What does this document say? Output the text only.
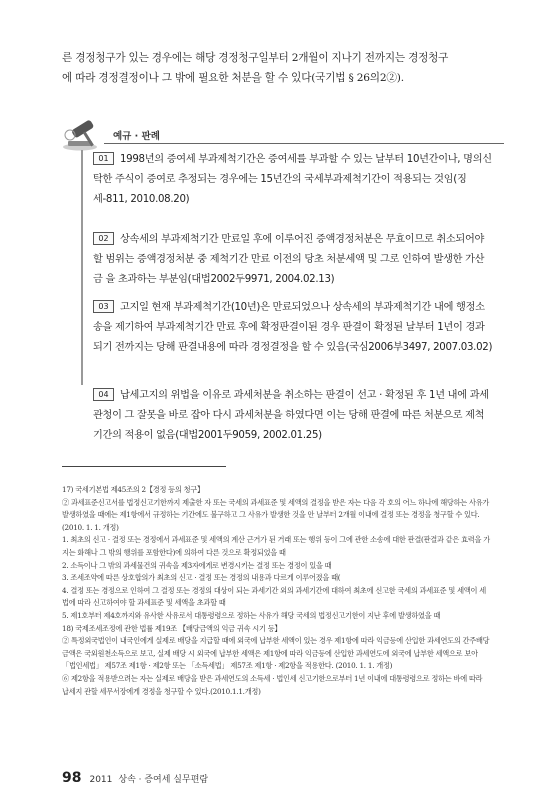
른 경정청구가 있는 경우에는 해당 경정청구일부터 2개월이 지나기 전까지는 경정청구
에 따라 경정결정이나 그 밖에 필요한 처분을 할 수 있다(국기법 § 26의2②).
예규 · 판례
01 1998년의 증여세 부과제척기간은 증여세를 부과할 수 있는 날부터 10년간이나, 명의신탁한 주식이 증여로 추정되는 경우에는 15년간의 국세부과제척기간이 적용되는 것임(징세-811, 2010.08.20)
02 상속세의 부과제척기간 만료일 후에 이루어진 증액경정처분은 무효이므로 취소되어야 할 범위는 증액경정처분 중 제척기간 만료 이전의 당초 처분세액 및 그로 인하여 발생한 가산금 을 초과하는 부분임(대법2002두9971, 2004.02.13)
03 고지일 현재 부과제척기간(10년)은 만료되었으나 상속세의 부과제척기간 내에 행정소송을 제기하여 부과제척기간 만료 후에 확정판결이된 경우 판결이 확정된 날부터 1년이 경과되기 전까지는 당해 판결내용에 따라 경정결정을 할 수 있음(국심2006부3497, 2007.03.02)
04 납세고지의 위법을 이유로 과세처분을 취소하는 판결이 선고 · 확정된 후 1년 내에 과세관청이 그 잘못을 바로 잡아 다시 과세처분을 하였다면 이는 당해 판결에 따른 처분으로 제척기간의 적용이 없음(대법2001두9059, 2002.01.25)

17) 국세기본법 제45조의 2【경정 등의 청구】

② 과세표준신고서를 법정신고기한까지 제출한 자 또는 국세의 과세표준 및 세액의 결정을 받은 자는 다음 각 호의 어느 하나에 해당하는 사유가 발생하였을 때에는 제1항에서 규정하는 기간에도 불구하고 그 사유가 발생한 것을 안 날부터 2개월 이내에 결정 또는 경정을 청구할 수 있다. (2010. 1. 1. 개정)

1. 최초의 신고 · 결정 또는 경정에서 과세표준 및 세액의 계산 근거가 된 거래 또는 행위 등이 그에 관한 소송에 대한 판결(판결과 같은 효력을 가지는 화해나 그 밖의 행위를 포함한다)에 의하여 다른 것으로 확정되었을 때

2. 소득이나 그 밖의 과세물건의 귀속을 제3자에게로 변경시키는 결정 또는 경정이 있을 때

3. 조세조약에 따른 상호합의가 최초의 신고 · 결정 또는 경정의 내용과 다르게 이루어졌을 때(

4. 결정 또는 경정으로 인하여 그 결정 또는 경정의 대상이 되는 과세기간 외의 과세기간에 대하여 최초에 신고한 국세의 과세표준 및 세액이 세법에 따라 신고하여야 할 과세표준 및 세액을 초과할 때

5. 제1호부터 제4호까지와 유사한 사유로서 대통령령으로 정하는 사유가 해당 국세의 법정신고기한이 지난 후에 발생하였을 때

18) 국제조세조정에 관한 법률 제19조 【배당금액의 익금 귀속 시기 등】

② 특정외국법인이 내국인에게 실제로 배당을 지급할 때에 외국에 납부한 세액이 있는 경우 제1항에 따라 익금등에 산입한 과세연도의 간주배당금액은 국외원천소득으로 보고, 실제 배당 시 외국에 납부한 세액은 제1항에 따라 익금등에 산입한 과세연도에 외국에 납부한 세액으로 보아 「법인세법」 제57조 제1항 · 제2항 또는 「소득세법」 제57조 제1항 · 제2항을 적용한다. (2010. 1. 1. 개정)

⑥ 제2항을 적용받으려는 자는 실제로 배당을 받은 과세연도의 소득세 · 법인세 신고기한으로부터 1년 이내에 대통령령으로 정하는 바에 따라 납세지 관할 세무서장에게 경정을 청구할 수 있다.(2010.1.1.개정)

98 2011 상속 · 증여세 실무편람
